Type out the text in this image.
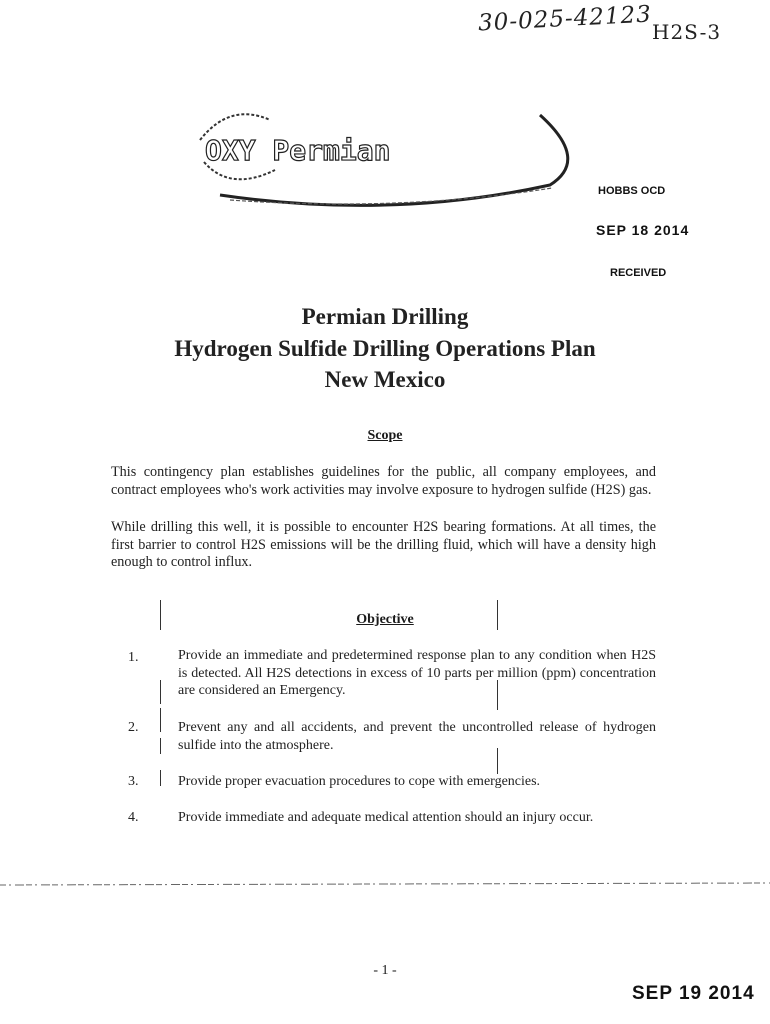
30-025-42123 H2S-3
OXY Permian
HOBBS OCD
SEP 18 2014
RECEIVED
Permian Drilling
Hydrogen Sulfide Drilling Operations Plan
New Mexico
Scope
This contingency plan establishes guidelines for the public, all company employees, and contract employees who's work activities may involve exposure to hydrogen sulfide (H2S) gas.
While drilling this well, it is possible to encounter H2S bearing formations. At all times, the first barrier to control H2S emissions will be the drilling fluid, which will have a density high enough to control influx.
Objective
1.	Provide an immediate and predetermined response plan to any condition when H2S is detected. All H2S detections in excess of 10 parts per million (ppm) concentration are considered an Emergency.
2.	Prevent any and all accidents, and prevent the uncontrolled release of hydrogen sulfide into the atmosphere.
3.	Provide proper evacuation procedures to cope with emergencies.
4.	Provide immediate and adequate medical attention should an injury occur.
- 1 -
SEP 19 2014
